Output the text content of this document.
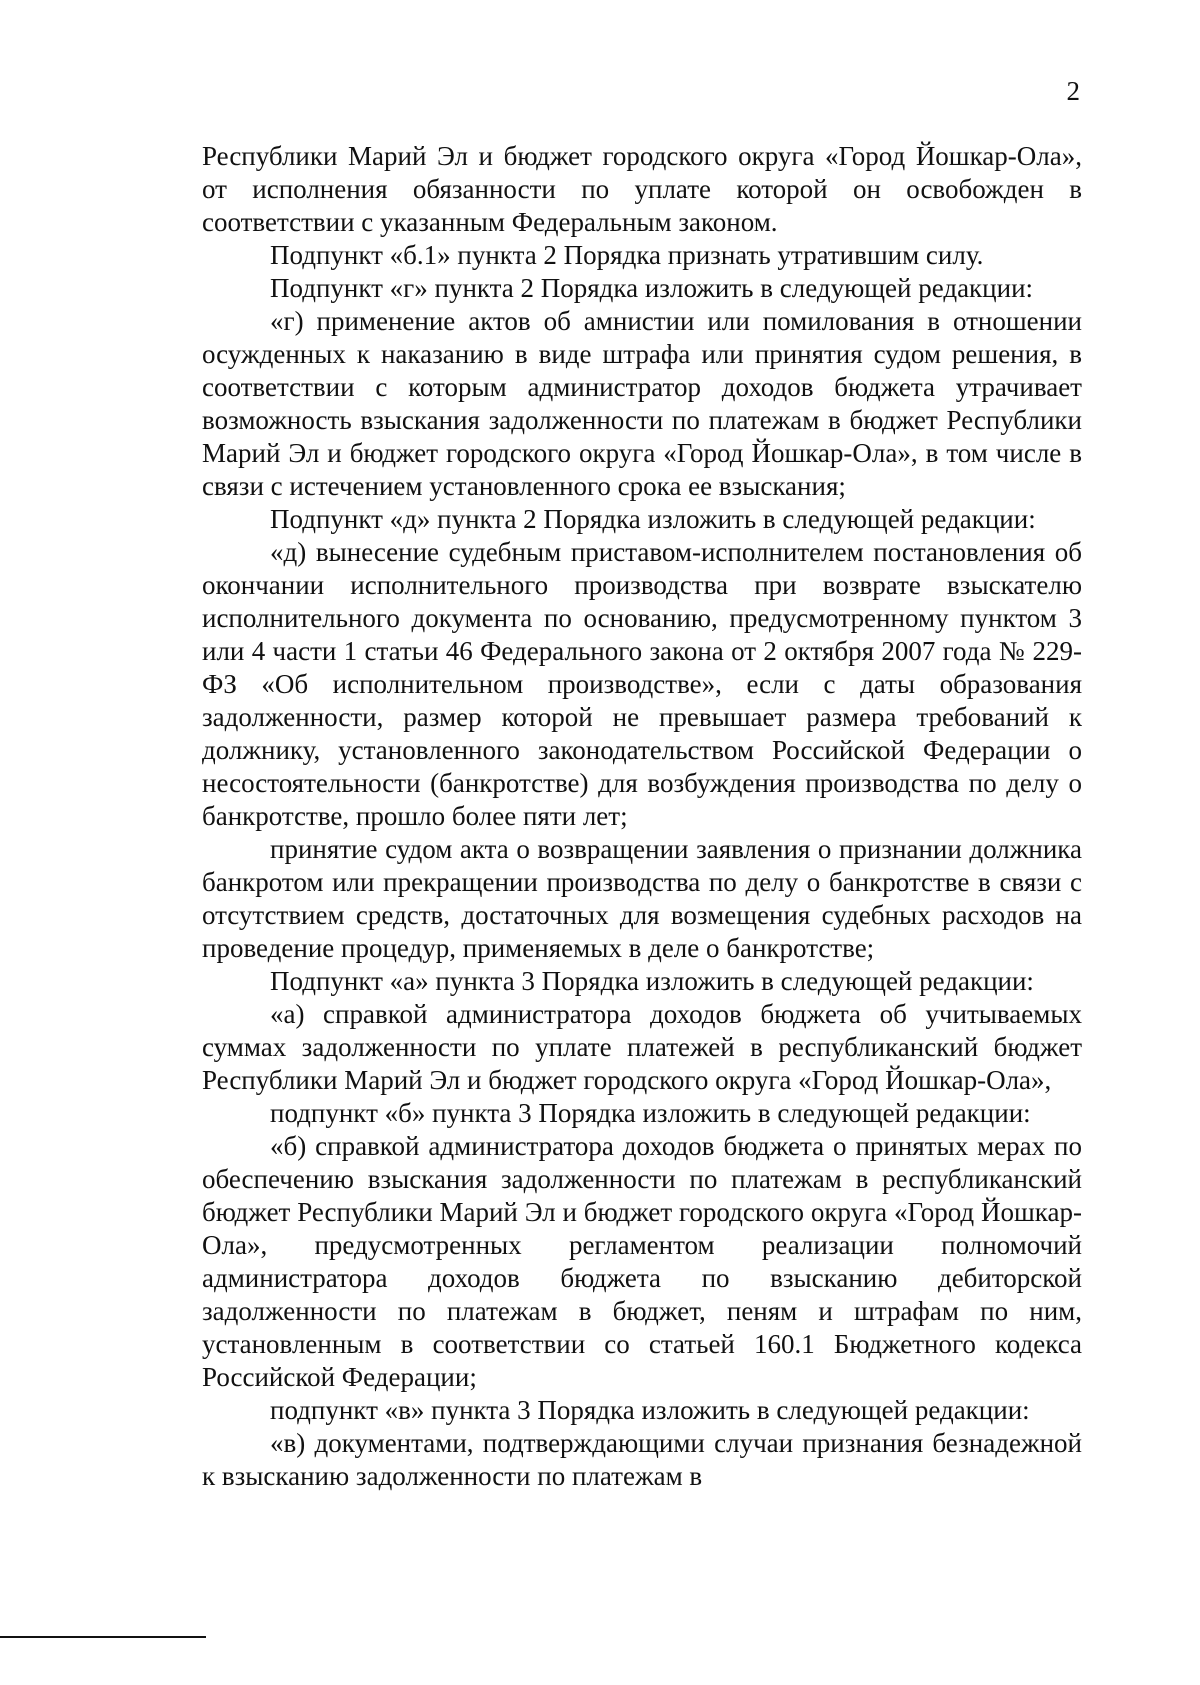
2

Республики Марий Эл и бюджет городского округа «Город Йошкар-Ола», от исполнения обязанности по уплате которой он освобожден в соответствии с указанным Федеральным законом.

Подпункт «б.1» пункта 2 Порядка признать утратившим силу.

Подпункт «г» пункта 2 Порядка изложить в следующей редакции:

«г) применение актов об амнистии или помилования в отношении осужденных к наказанию в виде штрафа или принятия судом решения, в соответствии с которым администратор доходов бюджета утрачивает возможность взыскания задолженности по платежам в бюджет Республики Марий Эл и бюджет городского округа «Город Йошкар-Ола», в том числе в связи с истечением установленного срока ее взыскания;

Подпункт «д» пункта 2 Порядка изложить в следующей редакции:

«д) вынесение судебным приставом-исполнителем постановления об окончании исполнительного производства при возврате взыскателю исполнительного документа по основанию, предусмотренному пунктом 3 или 4 части 1 статьи 46 Федерального закона от 2 октября 2007 года № 229-ФЗ «Об исполнительном производстве», если с даты образования задолженности, размер которой не превышает размера требований к должнику, установленного законодательством Российской Федерации о несостоятельности (банкротстве) для возбуждения производства по делу о банкротстве, прошло более пяти лет;

принятие судом акта о возвращении заявления о признании должника банкротом или прекращении производства по делу о банкротстве в связи с отсутствием средств, достаточных для возмещения судебных расходов на проведение процедур, применяемых в деле о банкротстве;

Подпункт «а» пункта 3 Порядка изложить в следующей редакции:

«а) справкой администратора доходов бюджета об учитываемых суммах задолженности по уплате платежей в республиканский бюджет Республики Марий Эл и бюджет городского округа «Город Йошкар-Ола»,

подпункт «б» пункта 3 Порядка изложить в следующей редакции:

«б) справкой администратора доходов бюджета о принятых мерах по обеспечению взыскания задолженности по платежам в республиканский бюджет Республики Марий Эл и бюджет городского округа «Город Йошкар-Ола», предусмотренных регламентом реализации полномочий администратора доходов бюджета по взысканию дебиторской задолженности по платежам в бюджет, пеням и штрафам по ним, установленным в соответствии со статьей 160.1 Бюджетного кодекса Российской Федерации;

подпункт «в» пункта 3 Порядка изложить в следующей редакции:

«в) документами, подтверждающими случаи признания безнадежной к взысканию задолженности по платежам в
